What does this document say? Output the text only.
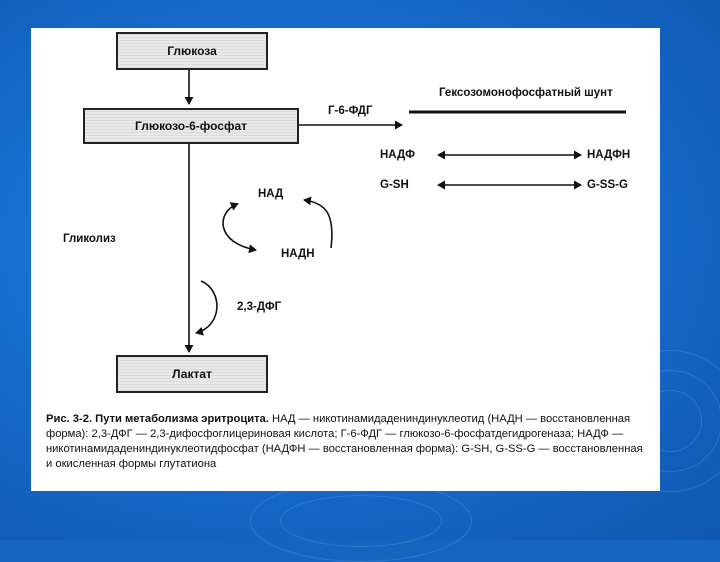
Глюкоза
Глюкозо-6-фосфат
Лактат
Г-6-ФДГ
Гексозомонофосфатный шунт
НАДФ	НАДФН
G-SH	G-SS-G
НАД
НАДН
Гликолиз
2,3-ДФГ
Рис. 3-2. Пути метаболизма эритроцита. НАД — никотинамидадениндинуклеотид (НАДН — восстановленная форма): 2,3-ДФГ — 2,3-дифосфоглицериновая кислота; Г-6-ФДГ — глюкозо-6-фосфатдегидрогеназа; НАДФ — никотинамидадениндинуклеотидфосфат (НАДФН — восстановленная форма): G-SH, G-SS-G — восстановленная и окисленная формы глутатиона
